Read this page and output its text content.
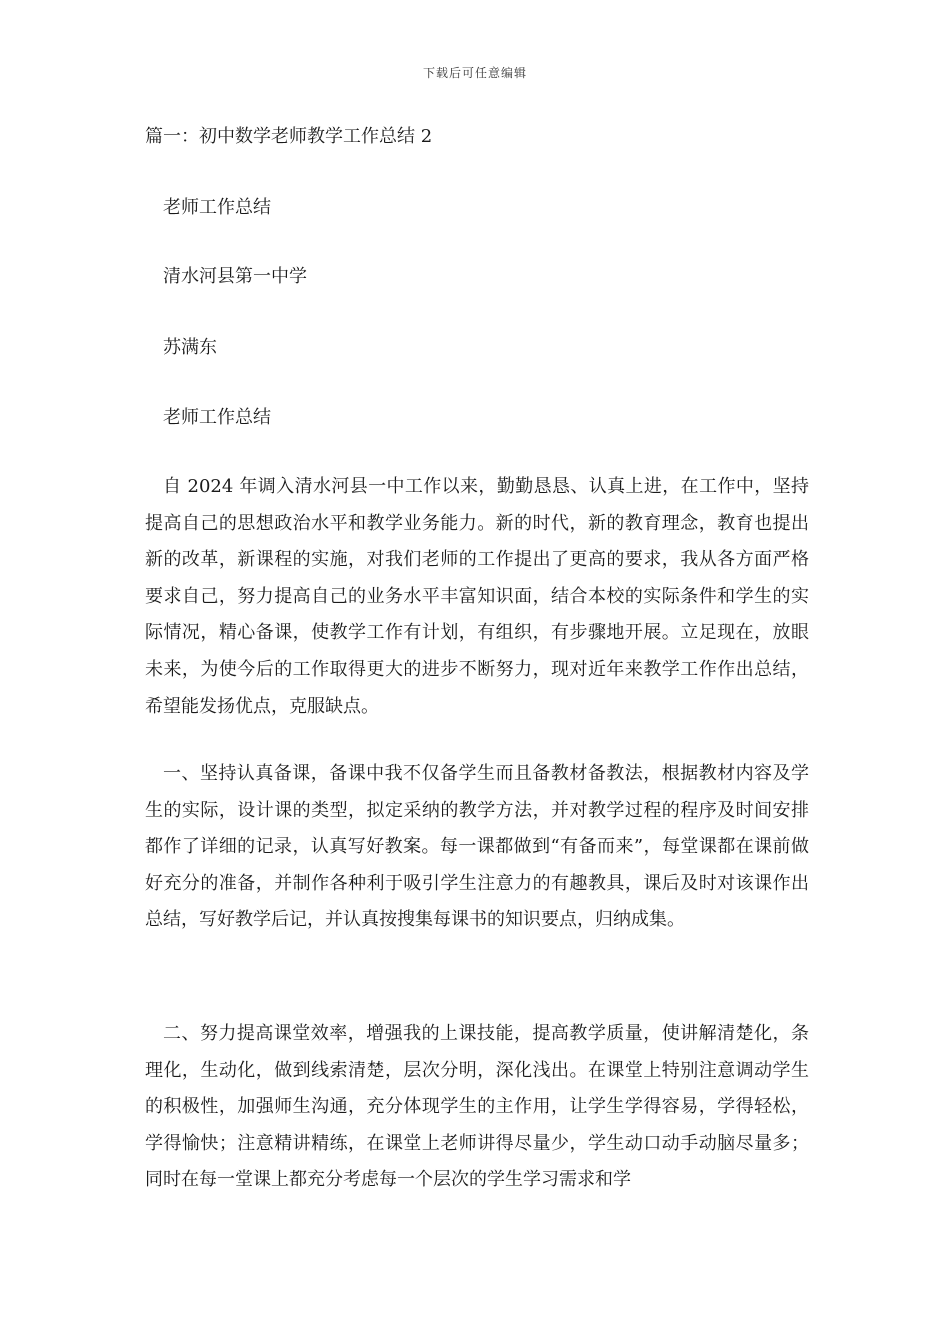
下载后可任意编辑
篇一：初中数学老师教学工作总结 2
老师工作总结
清水河县第一中学
苏满东
老师工作总结
自 2024 年调入清水河县一中工作以来，勤勤恳恳、认真上进，在工作中，坚持提高自己的思想政治水平和教学业务能力。新的时代，新的教育理念，教育也提出新的改革，新课程的实施，对我们老师的工作提出了更高的要求，我从各方面严格要求自己，努力提高自己的业务水平丰富知识面，结合本校的实际条件和学生的实际情况，精心备课，使教学工作有计划，有组织，有步骤地开展。立足现在，放眼未来，为使今后的工作取得更大的进步不断努力，现对近年来教学工作作出总结，希望能发扬优点，克服缺点。
一、坚持认真备课，备课中我不仅备学生而且备教材备教法，根据教材内容及学生的实际，设计课的类型，拟定采纳的教学方法，并对教学过程的程序及时间安排都作了详细的记录，认真写好教案。每一课都做到“有备而来”，每堂课都在课前做好充分的准备，并制作各种利于吸引学生注意力的有趣教具，课后及时对该课作出总结，写好教学后记，并认真按搜集每课书的知识要点，归纳成集。
二、努力提高课堂效率，增强我的上课技能，提高教学质量，使讲解清楚化，条理化，生动化，做到线索清楚，层次分明，深化浅出。在课堂上特别注意调动学生的积极性，加强师生沟通，充分体现学生的主作用，让学生学得容易，学得轻松，学得愉快；注意精讲精练，在课堂上老师讲得尽量少，学生动口动手动脑尽量多；同时在每一堂课上都充分考虑每一个层次的学生学习需求和学
